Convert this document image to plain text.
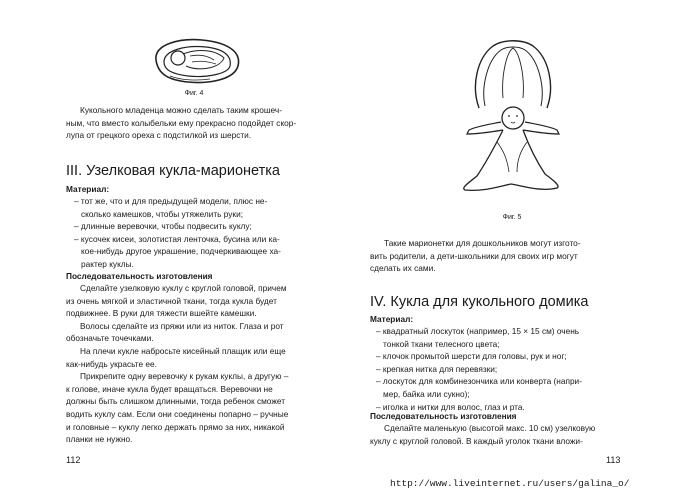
Фиг. 4
Кукольного младенца можно сделать таким крошеч-
ным, что вместо колыбельки ему прекрасно подойдет скор-
лупа от грецкого ореха с подстилкой из шерсти.
III. Узелковая кукла-марионетка
Материал:
– тот же, что и для предыдущей модели, плюс не-
сколько камешков, чтобы утяжелить руки;
– длинные веревочки, чтобы подвесить куклу;
– кусочек кисеи, золотистая ленточка, бусина или ка-
кое-нибудь другое украшение, подчеркивающее ха-
рактер куклы.
Последовательность изготовления
Сделайте узелковую куклу с круглой головой, причем
из очень мягкой и эластичной ткани, тогда кукла будет
подвижнее. В руки для тяжести вшейте камешки.
Волосы сделайте из пряжи или из ниток. Глаза и рот
обозначьте точечками.
На плечи кукле набросьте кисейный плащик или еще
как-нибудь украсьте ее.
Прикрепите одну веревочку к рукам куклы, а другую –
к голове, иначе кукла будет вращаться. Веревочки не
должны быть слишком длинными, тогда ребенок сможет
водить куклу сам. Если они соединены попарно – ручные
и головные – куклу легко держать прямо за них, никакой
планки не нужно.
112
Фиг. 5
Такие марионетки для дошкольников могут изгото-
вить родители, а дети-школьники для своих игр могут
сделать их сами.
IV. Кукла для кукольного домика
Материал:
– квадратный лоскуток (например, 15 × 15 см) очень
тонкой ткани телесного цвета;
– клочок промытой шерсти для головы, рук и ног;
– крепкая нитка для перевязки;
– лоскуток для комбинезончика или конверта (напри-
мер, байка или сукно);
– иголка и нитки для волос, глаз и рта.
Последовательность изготовления
Сделайте маленькую (высотой макс. 10 см) узелковую
куклу с круглой головой. В каждый уголок ткани вложи-
113
http://www.liveinternet.ru/users/galina_o/
